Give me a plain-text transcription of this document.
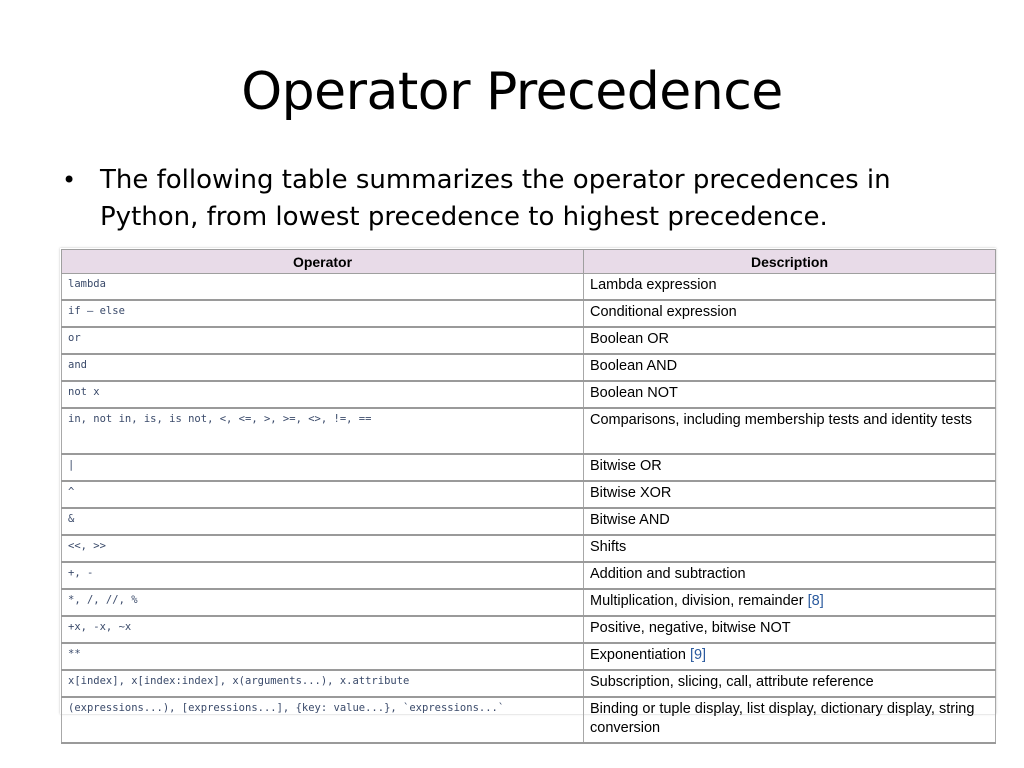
Operator Precedence
• The following table summarizes the operator precedences in Python, from lowest precedence to highest precedence.
Operator	Description
lambda	Lambda expression
if – else	Conditional expression
or	Boolean OR
and	Boolean AND
not x	Boolean NOT
in, not in, is, is not, <, <=, >, >=, <>, !=, ==	Comparisons, including membership tests and identity tests
|	Bitwise OR
^	Bitwise XOR
&	Bitwise AND
<<, >>	Shifts
+, -	Addition and subtraction
*, /, //, %	Multiplication, division, remainder [8]
+x, -x, ~x	Positive, negative, bitwise NOT
**	Exponentiation [9]
x[index], x[index:index], x(arguments...), x.attribute	Subscription, slicing, call, attribute reference
(expressions...), [expressions...], {key: value...}, `expressions...`	Binding or tuple display, list display, dictionary display, string conversion
